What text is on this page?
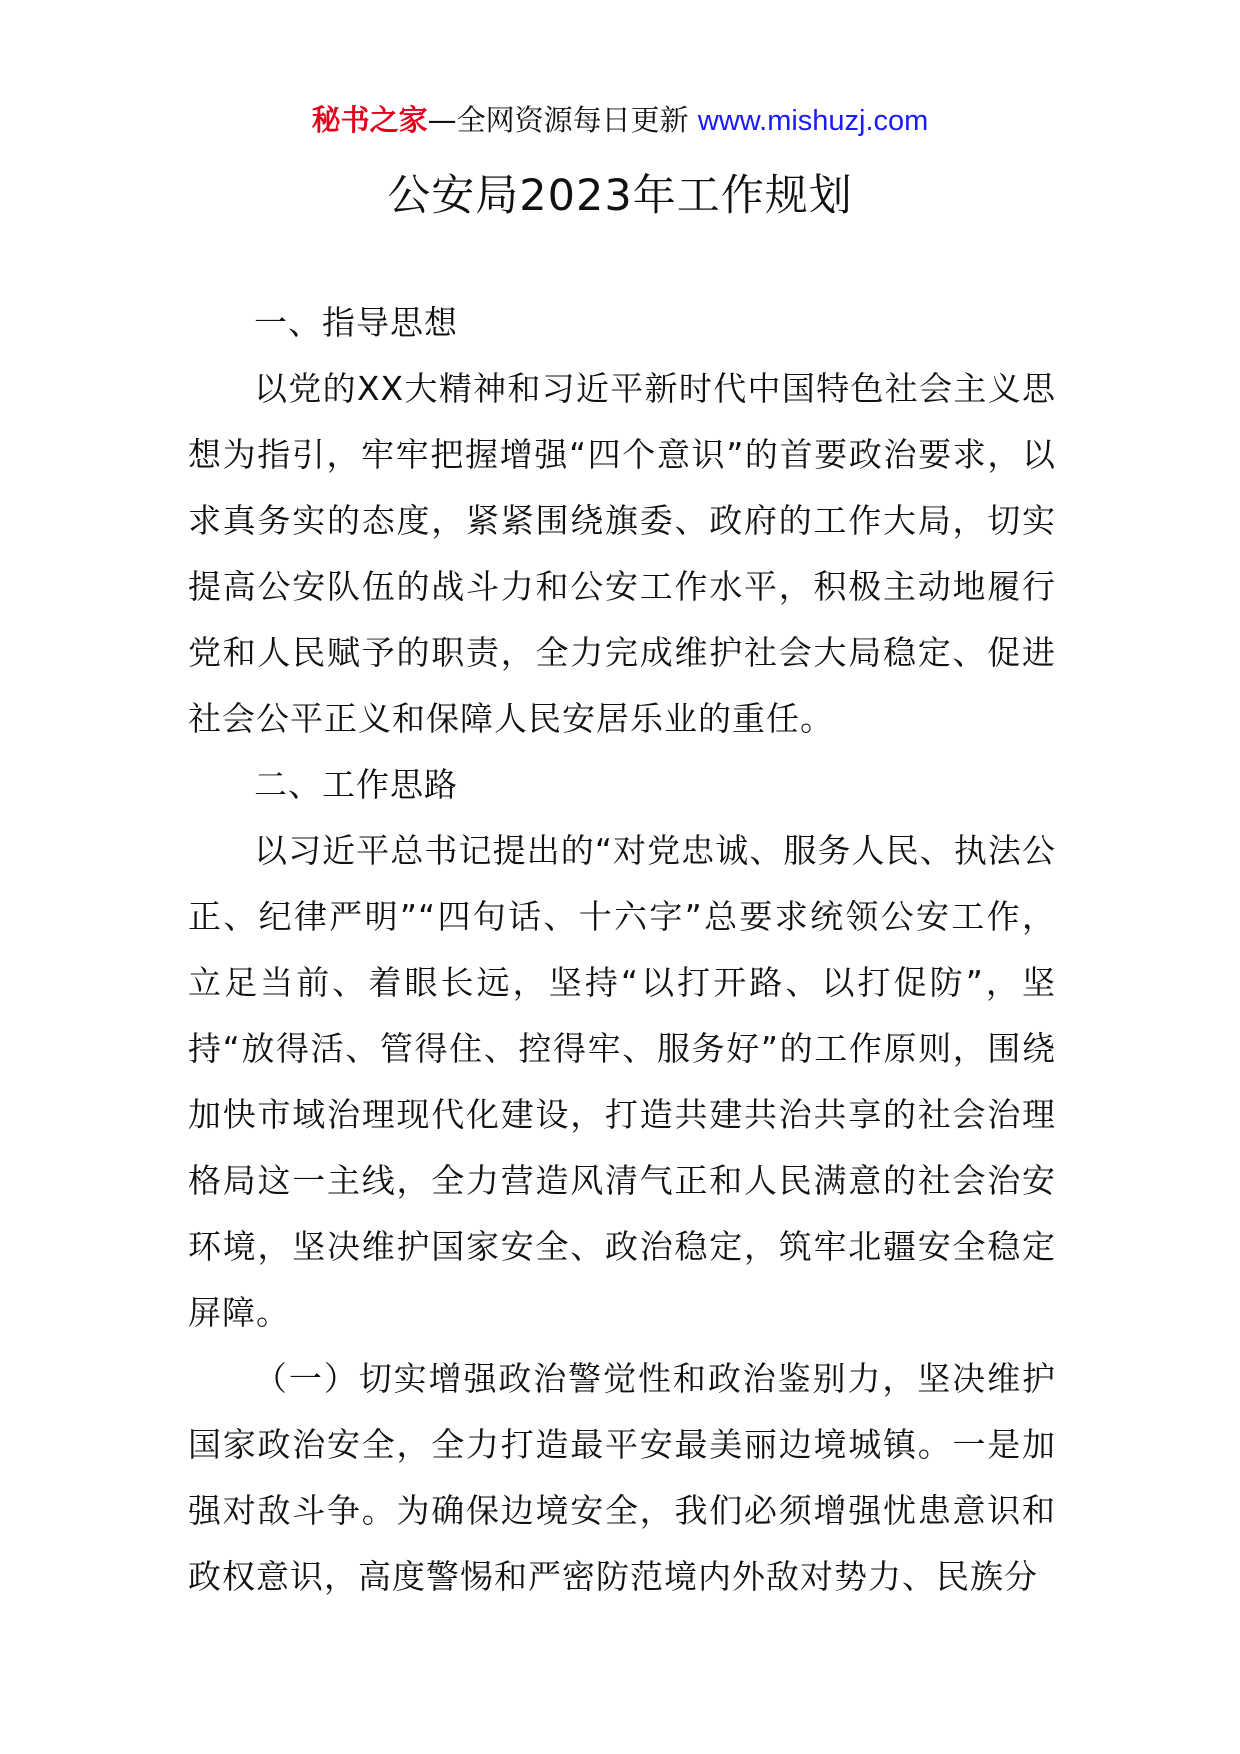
秘书之家—全网资源每日更新 www.mishuzj.com
公安局2023年工作规划

一、指导思想

以党的XX大精神和习近平新时代中国特色社会主义思想为指引，牢牢把握增强“四个意识”的首要政治要求，以求真务实的态度，紧紧围绕旗委、政府的工作大局，切实提高公安队伍的战斗力和公安工作水平，积极主动地履行党和人民赋予的职责，全力完成维护社会大局稳定、促进社会公平正义和保障人民安居乐业的重任。

二、工作思路

以习近平总书记提出的“对党忠诚、服务人民、执法公正、纪律严明”“四句话、十六字”总要求统领公安工作，立足当前、着眼长远，坚持“以打开路、以打促防”，坚持“放得活、管得住、控得牢、服务好”的工作原则，围绕加快市域治理现代化建设，打造共建共治共享的社会治理格局这一主线，全力营造风清气正和人民满意的社会治安环境，坚决维护国家安全、政治稳定，筑牢北疆安全稳定屏障。

（一）切实增强政治警觉性和政治鉴别力，坚决维护国家政治安全，全力打造最平安最美丽边境城镇。一是加强对敌斗争。为确保边境安全，我们必须增强忧患意识和政权意识，高度警惕和严密防范境内外敌对势力、民族分
